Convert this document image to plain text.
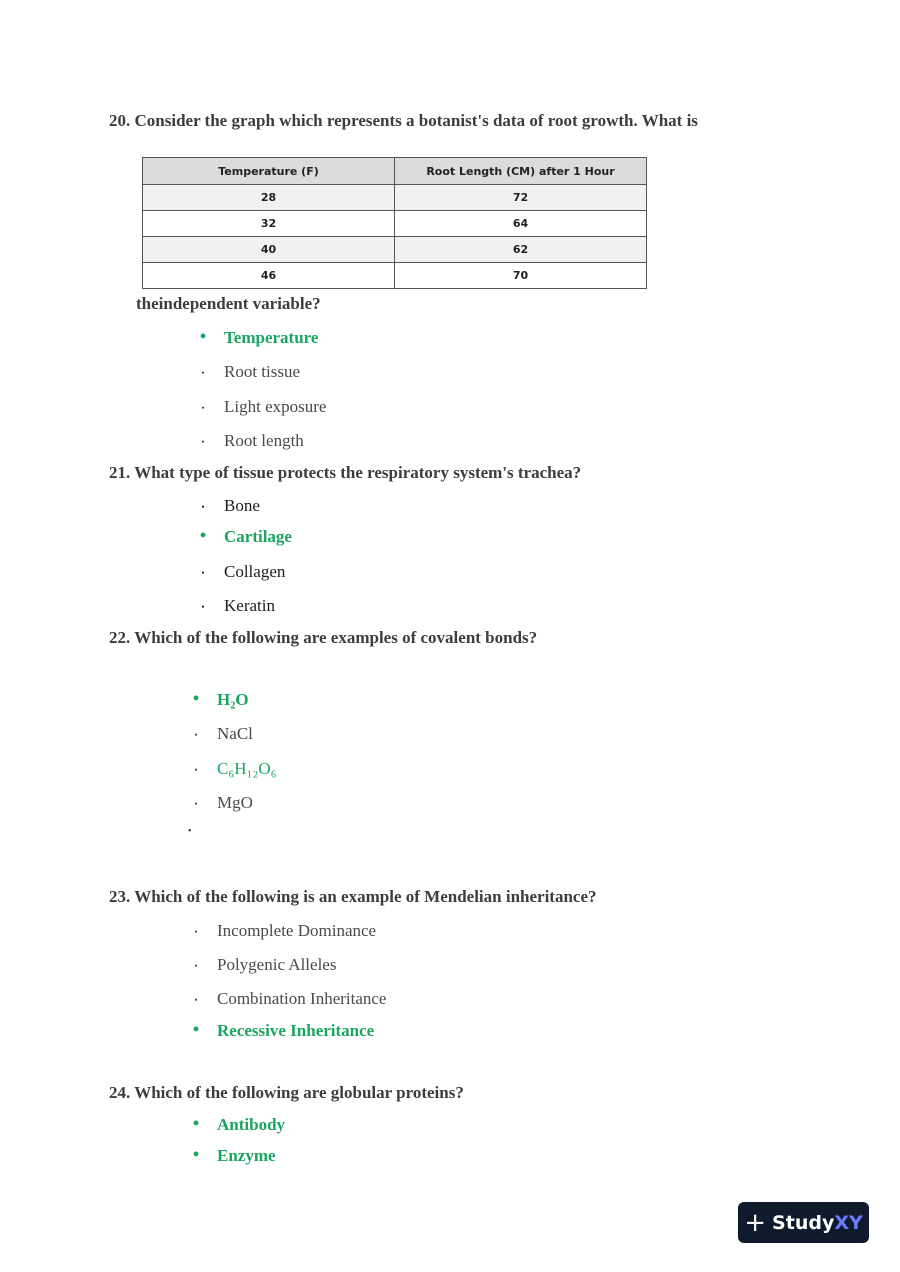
20. Consider the graph which represents a botanist's data of root growth. What is
Temperature (F)	Root Length (CM) after 1 Hour
28	72
32	64
40	62
46	70
theindependent variable?
• Temperature
• Root tissue
• Light exposure
• Root length
21. What type of tissue protects the respiratory system's trachea?
• Bone
• Cartilage
• Collagen
• Keratin
22. Which of the following are examples of covalent bonds?
• H₂O
• NaCl
• C₆H₁₂O₆
• MgO
•
23. Which of the following is an example of Mendelian inheritance?
• Incomplete Dominance
• Polygenic Alleles
• Combination Inheritance
• Recessive Inheritance
24. Which of the following are globular proteins?
• Antibody
• Enzyme
+ Study XY
